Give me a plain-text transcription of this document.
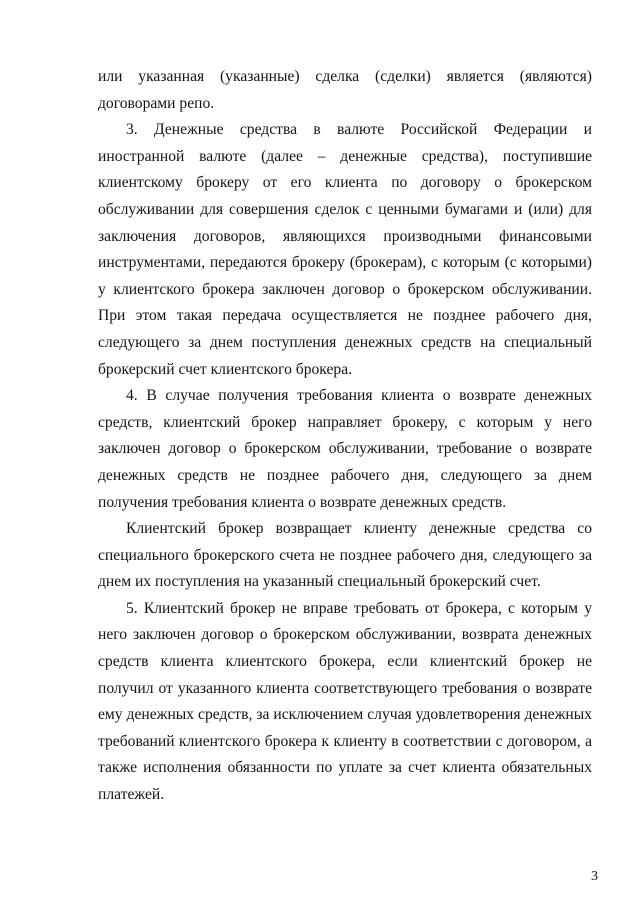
или указанная (указанные) сделка (сделки) является (являются) договорами репо.

3. Денежные средства в валюте Российской Федерации и иностранной валюте (далее – денежные средства), поступившие клиентскому брокеру от его клиента по договору о брокерском обслуживании для совершения сделок с ценными бумагами и (или) для заключения договоров, являющихся производными финансовыми инструментами, передаются брокеру (брокерам), с которым (с которыми) у клиентского брокера заключен договор о брокерском обслуживании. При этом такая передача осуществляется не позднее рабочего дня, следующего за днем поступления денежных средств на специальный брокерский счет клиентского брокера.

4. В случае получения требования клиента о возврате денежных средств, клиентский брокер направляет брокеру, с которым у него заключен договор о брокерском обслуживании, требование о возврате денежных средств не позднее рабочего дня, следующего за днем получения требования клиента о возврате денежных средств.

Клиентский брокер возвращает клиенту денежные средства со специального брокерского счета не позднее рабочего дня, следующего за днем их поступления на указанный специальный брокерский счет.

5. Клиентский брокер не вправе требовать от брокера, с которым у него заключен договор о брокерском обслуживании, возврата денежных средств клиента клиентского брокера, если клиентский брокер не получил от указанного клиента соответствующего требования о возврате ему денежных средств, за исключением случая удовлетворения денежных требований клиентского брокера к клиенту в соответствии с договором, а также исполнения обязанности по уплате за счет клиента обязательных платежей.

3
